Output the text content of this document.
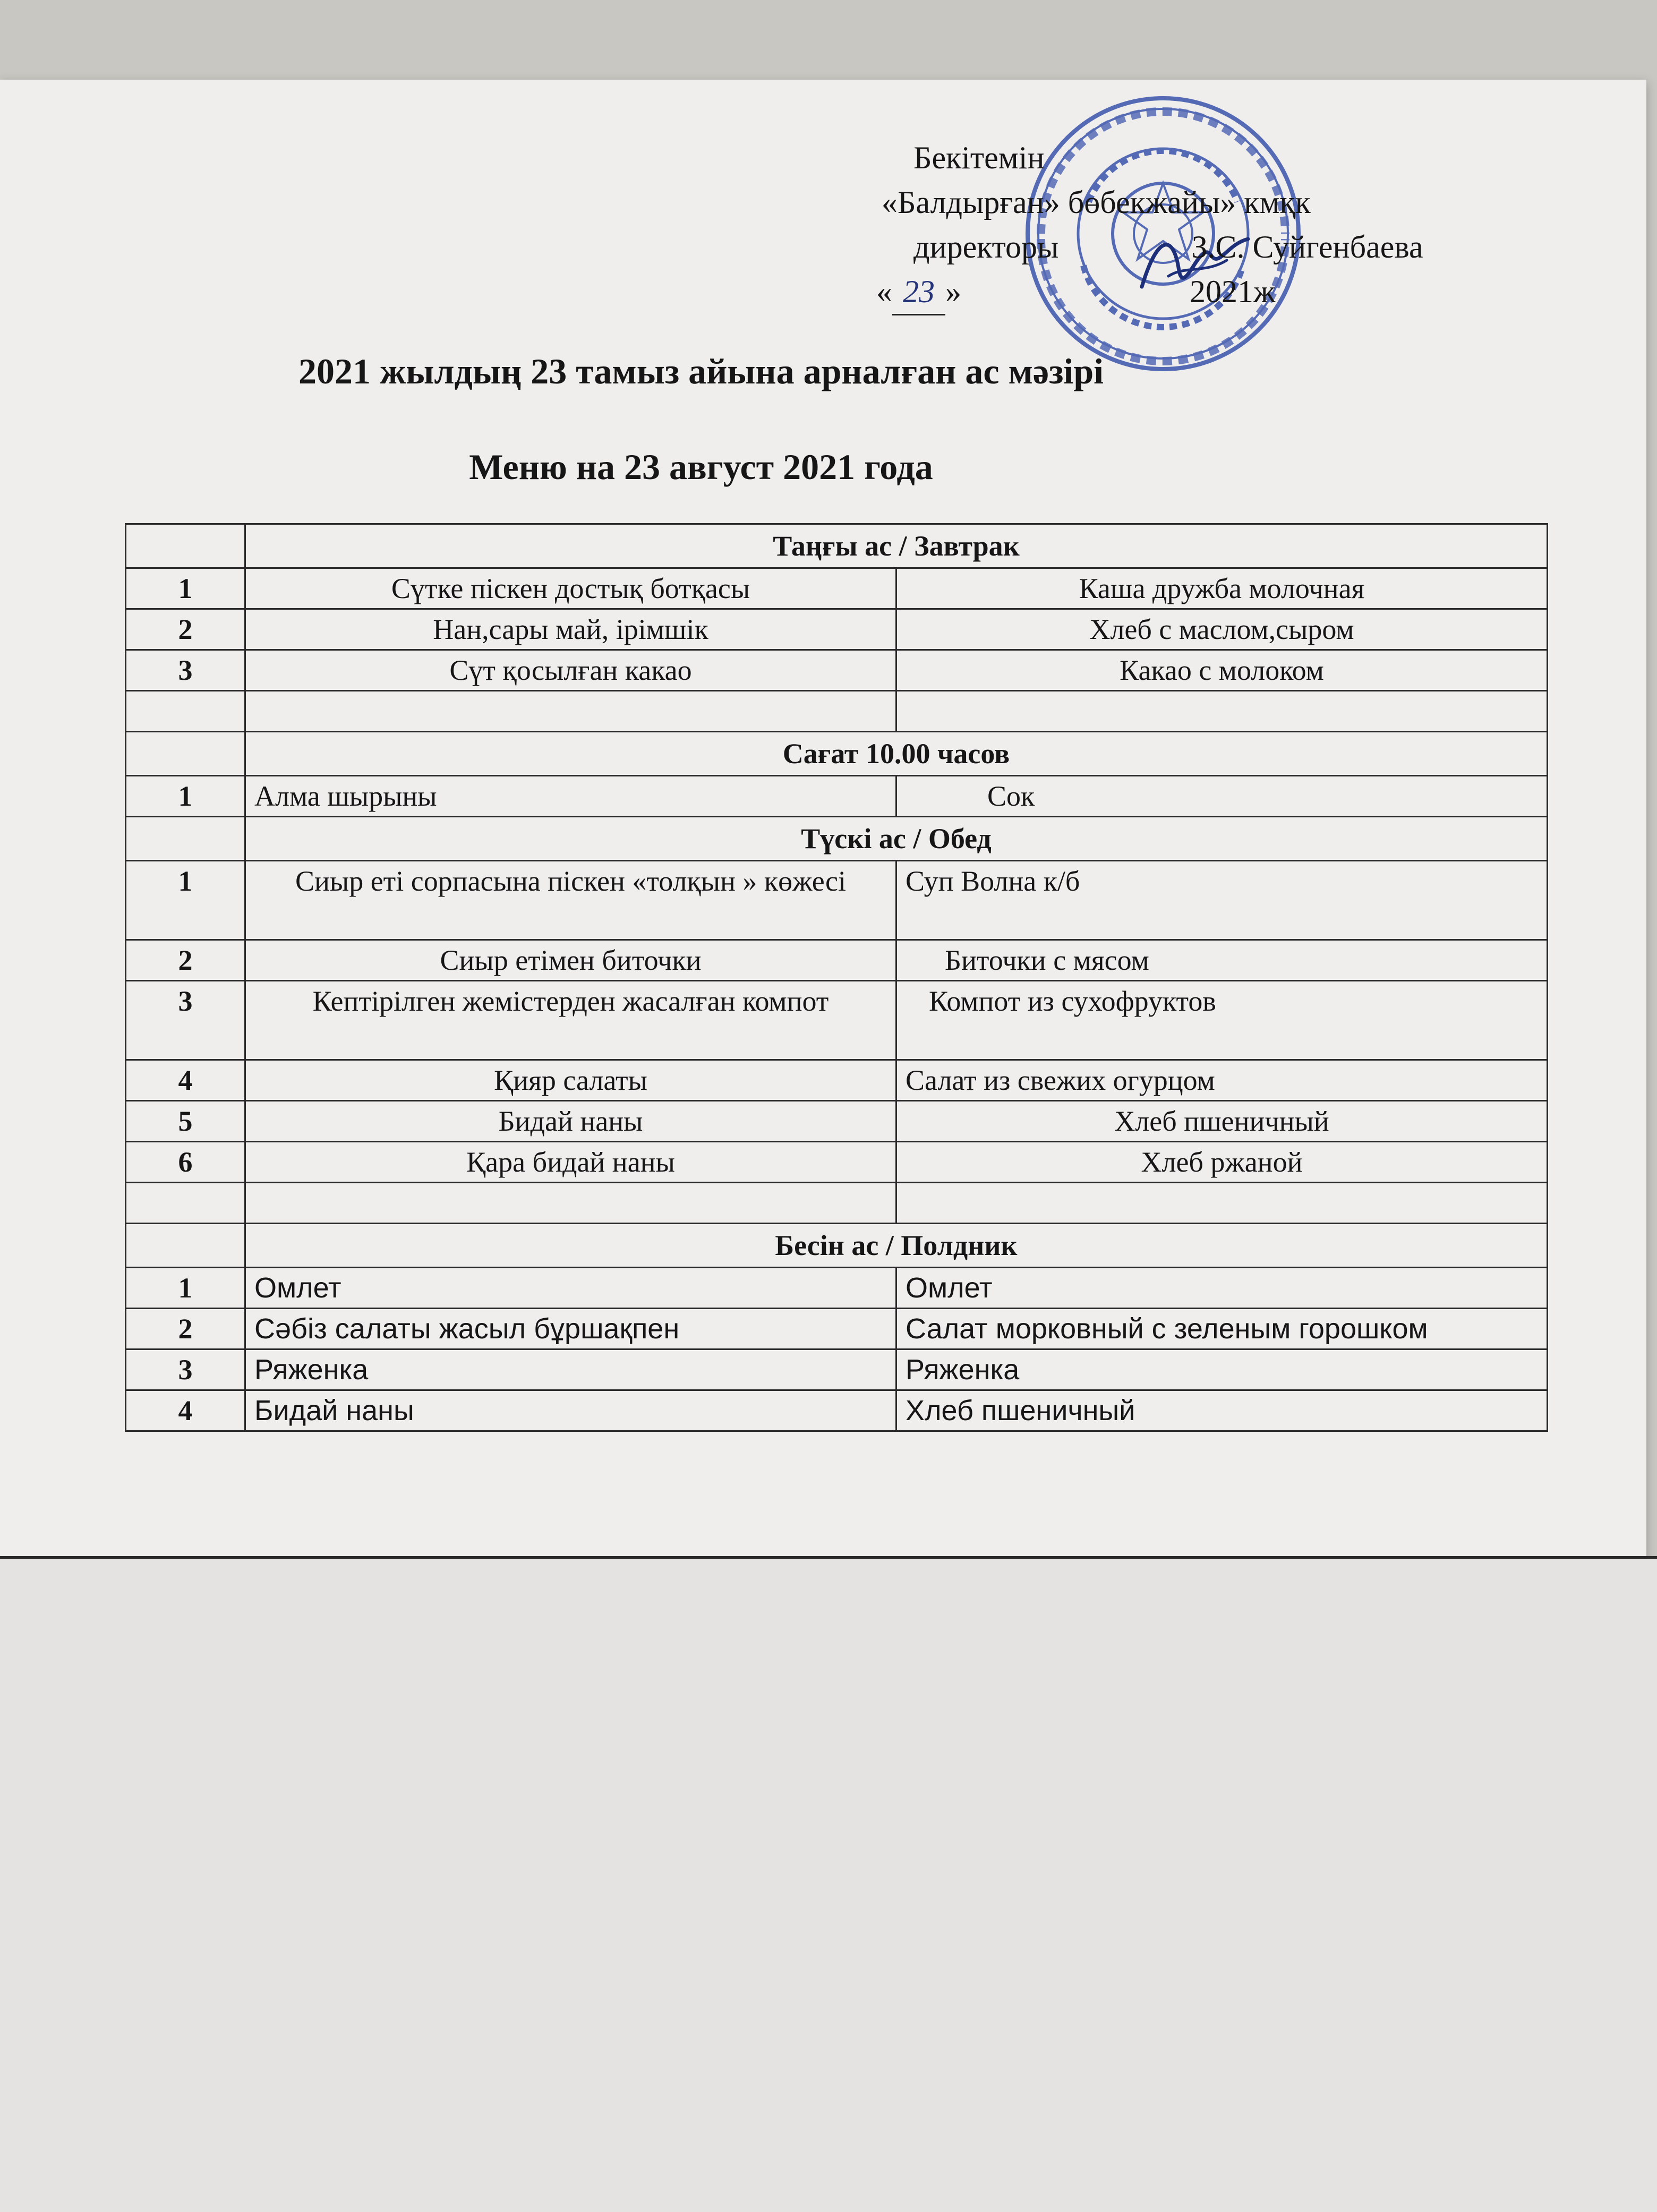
Бекітемін
«Балдырған» бөбекжайы» кмқк
директоры	З.С. Суйгенбаева
« 23 »	2021ж
2021 жылдың 23 тамыз айына арналған ас мәзірі
Меню на 23 август 2021 года
	Таңғы ас / Завтрак	
1	Сүтке піскен достық ботқасы	Каша дружба молочная
2	Нан,сары май, ірімшік	Хлеб с маслом,сыром
3	Сүт қосылған какао	Какао с молоком

	Сағат 10.00 часов	
1	Алма шырыны	Сок
	Түскі ас / Обед	
1	Сиыр еті сорпасына піскен «толқын » көжесі	Суп Волна к/б
2	Сиыр етімен биточки	Биточки с мясом
3	Кептірілген жемістерден жасалған компот	Компот из сухофруктов
4	Қияр салаты	Салат из свежих огурцом
5	Бидай наны	Хлеб пшеничный
6	Қара бидай наны	Хлеб ржаной

	Бесін ас / Полдник	
1	Омлет	Омлет
2	Сәбіз салаты жасыл бұршақпен	Салат морковный с зеленым горошком
3	Ряженка	Ряженка
4	Бидай наны	Хлеб пшеничный
